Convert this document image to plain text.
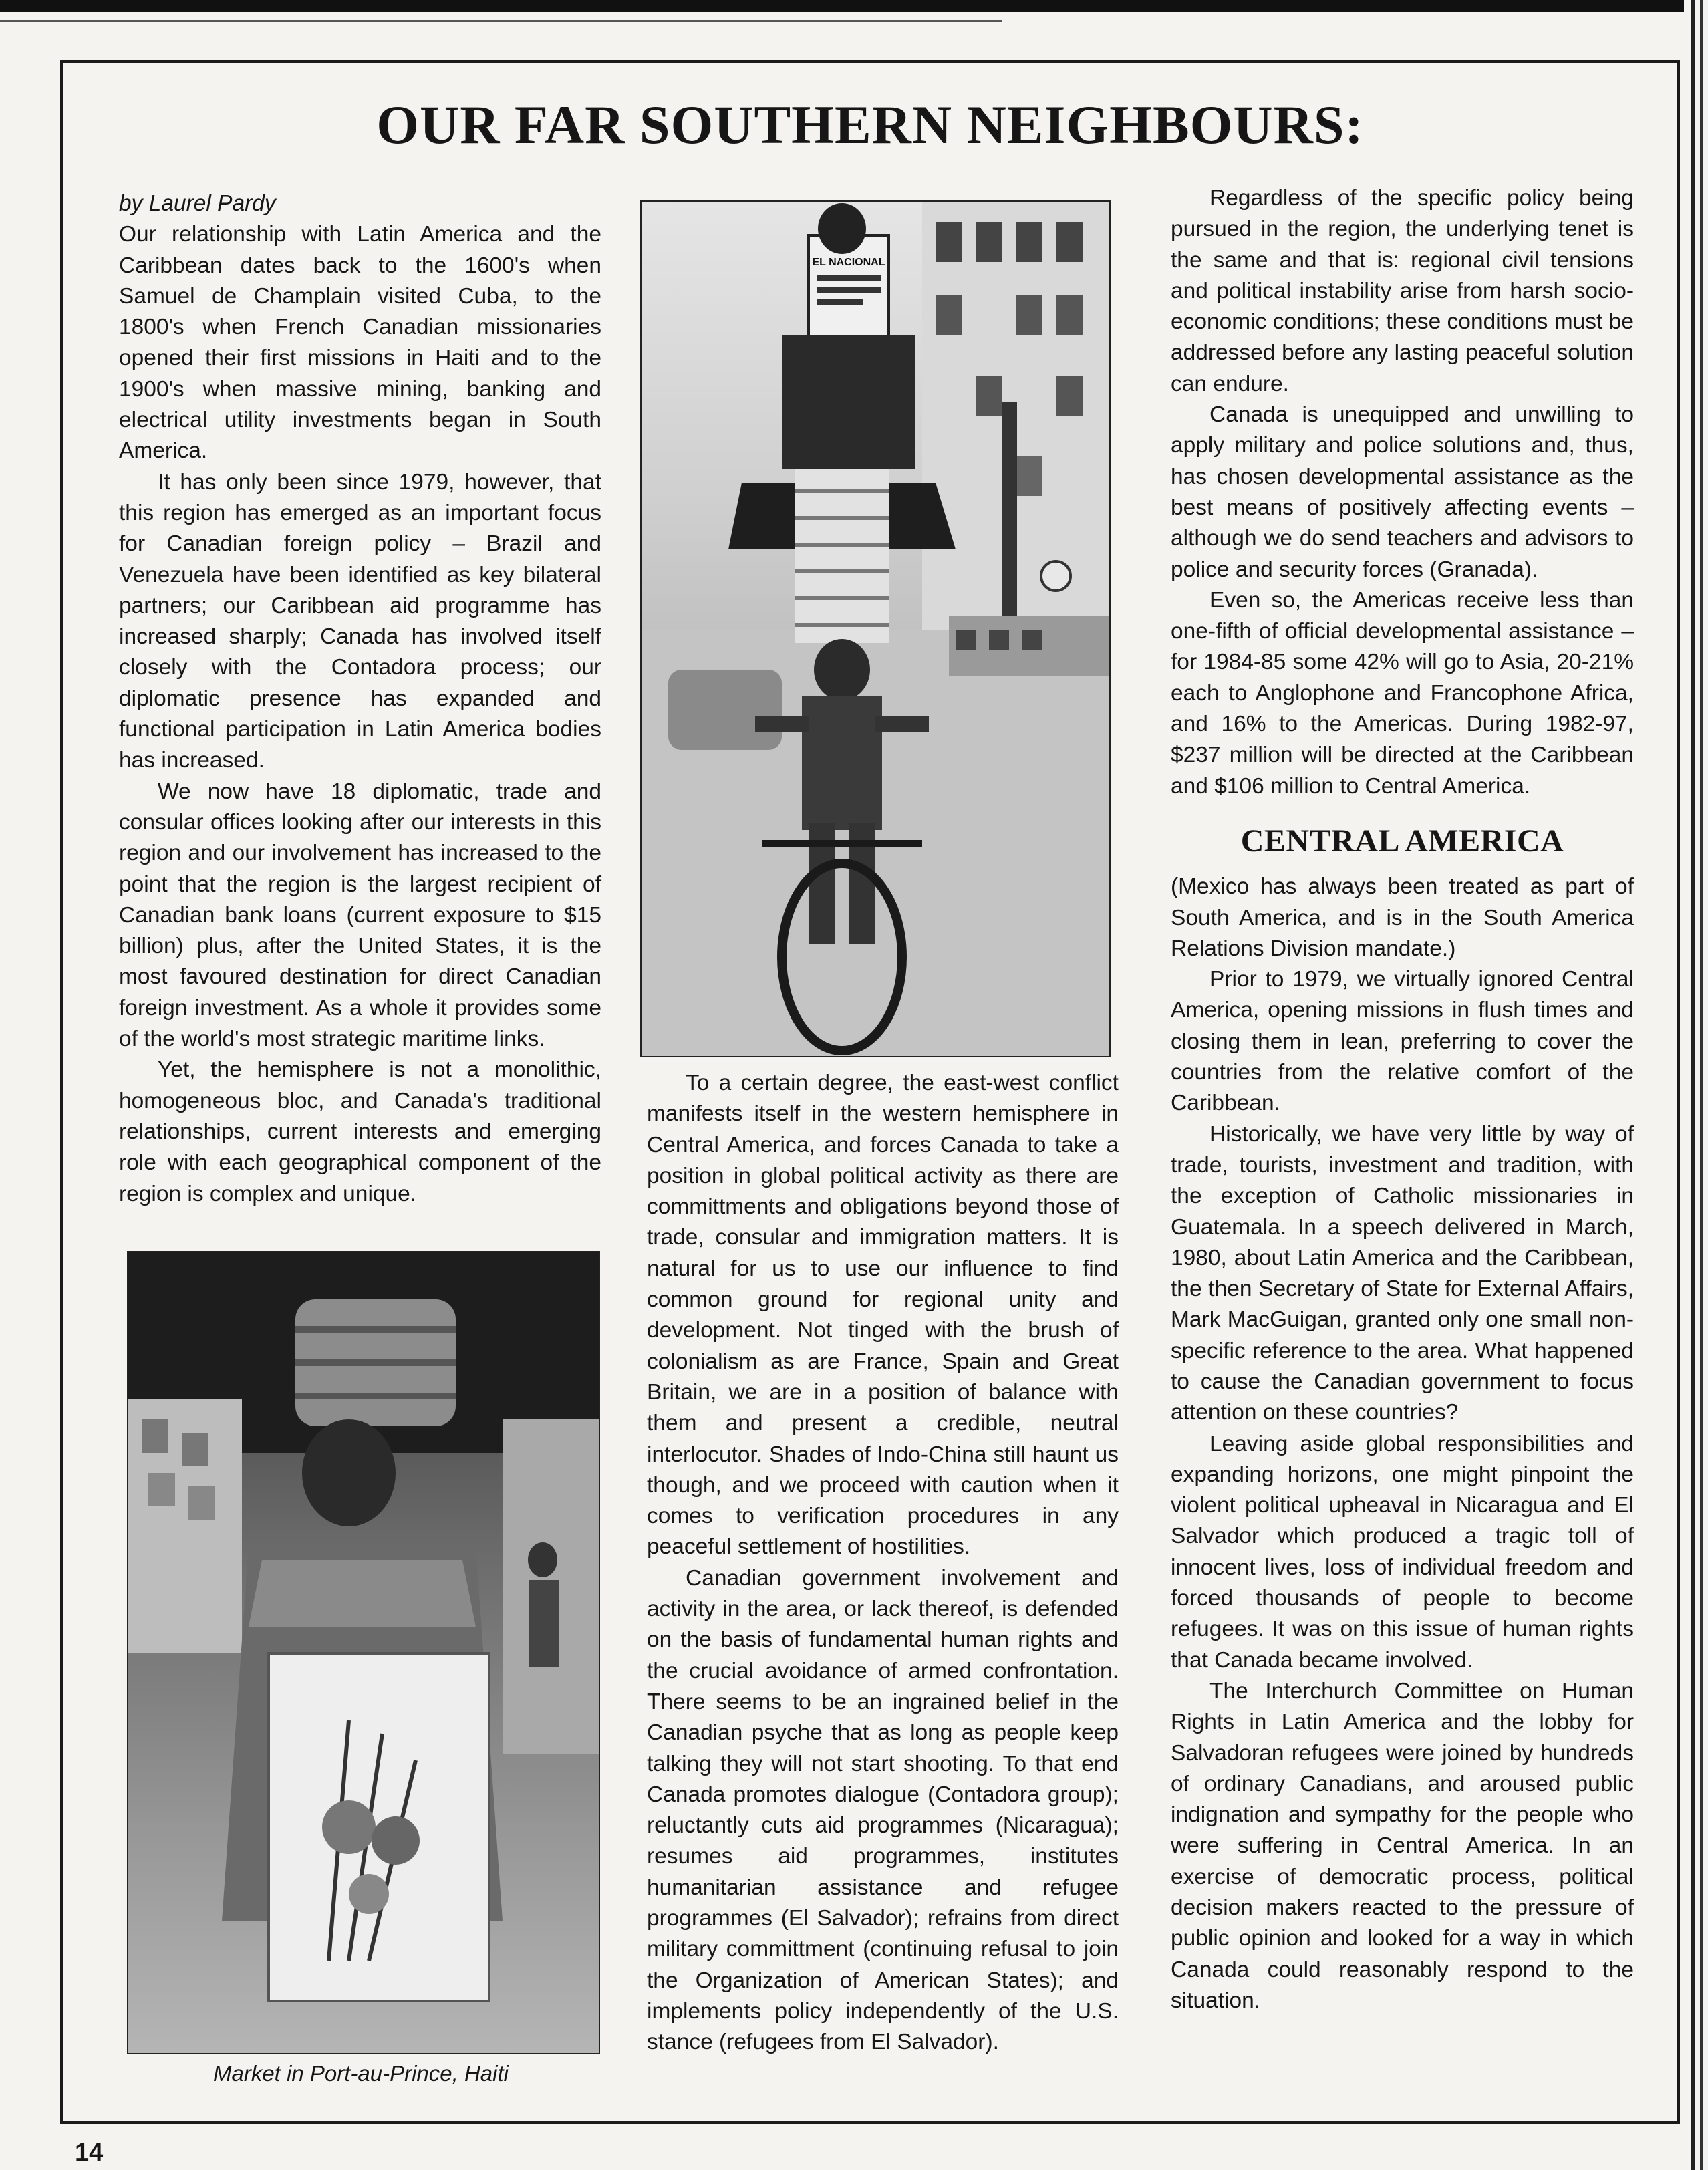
OUR FAR SOUTHERN NEIGHBOURS:
by Laurel Pardy

Our relationship with Latin America and the Caribbean dates back to the 1600's when Samuel de Champlain visited Cuba, to the 1800's when French Canadian missionaries opened their first missions in Haiti and to the 1900's when massive mining, banking and electrical utility investments began in South America.

It has only been since 1979, however, that this region has emerged as an important focus for Canadian foreign policy – Brazil and Venezuela have been identified as key bilateral partners; our Caribbean aid programme has increased sharply; Canada has involved itself closely with the Contadora process; our diplomatic presence has expanded and functional participation in Latin America bodies has increased.

We now have 18 diplomatic, trade and consular offices looking after our interests in this region and our involvement has increased to the point that the region is the largest recipient of Canadian bank loans (current exposure to $15 billion) plus, after the United States, it is the most favoured destination for direct Canadian foreign investment. As a whole it provides some of the world's most strategic maritime links.

Yet, the hemisphere is not a monolithic, homogeneous bloc, and Canada's traditional relationships, current interests and emerging role with each geographical component of the region is complex and unique.

EL NACIONAL

To a certain degree, the east-west conflict manifests itself in the western hemisphere in Central America, and forces Canada to take a position in global political activity as there are committments and obligations beyond those of trade, consular and immigration matters. It is natural for us to use our influence to find common ground for regional unity and development. Not tinged with the brush of colonialism as are France, Spain and Great Britain, we are in a position of balance with them and present a credible, neutral interlocutor. Shades of Indo-China still haunt us though, and we proceed with caution when it comes to verification procedures in any peaceful settlement of hostilities.

Canadian government involvement and activity in the area, or lack thereof, is defended on the basis of fundamental human rights and the crucial avoidance of armed confrontation. There seems to be an ingrained belief in the Canadian psyche that as long as people keep talking they will not start shooting. To that end Canada promotes dialogue (Contadora group); reluctantly cuts aid programmes (Nicaragua); resumes aid programmes, institutes humanitarian assistance and refugee programmes (El Salvador); refrains from direct military committment (continuing refusal to join the Organization of American States); and implements policy independently of the U.S. stance (refugees from El Salvador).

Regardless of the specific policy being pursued in the region, the underlying tenet is the same and that is: regional civil tensions and political instability arise from harsh socio-economic conditions; these conditions must be addressed before any lasting peaceful solution can endure.

Canada is unequipped and unwilling to apply military and police solutions and, thus, has chosen developmental assistance as the best means of positively affecting events – although we do send teachers and advisors to police and security forces (Granada).

Even so, the Americas receive less than one-fifth of official developmental assistance – for 1984-85 some 42% will go to Asia, 20-21% each to Anglophone and Francophone Africa, and 16% to the Americas. During 1982-97, $237 million will be directed at the Caribbean and $106 million to Central America.

CENTRAL AMERICA

(Mexico has always been treated as part of South America, and is in the South America Relations Division mandate.)

Prior to 1979, we virtually ignored Central America, opening missions in flush times and closing them in lean, preferring to cover the countries from the relative comfort of the Caribbean.

Historically, we have very little by way of trade, tourists, investment and tradition, with the exception of Catholic missionaries in Guatemala. In a speech delivered in March, 1980, about Latin America and the Caribbean, the then Secretary of State for External Affairs, Mark MacGuigan, granted only one small non-specific reference to the area. What happened to cause the Canadian government to focus attention on these countries?

Leaving aside global responsibilities and expanding horizons, one might pinpoint the violent political upheaval in Nicaragua and El Salvador which produced a tragic toll of innocent lives, loss of individual freedom and forced thousands of people to become refugees. It was on this issue of human rights that Canada became involved.

The Interchurch Committee on Human Rights in Latin America and the lobby for Salvadoran refugees were joined by hundreds of ordinary Canadians, and aroused public indignation and sympathy for the people who were suffering in Central America. In an exercise of democratic process, political decision makers reacted to the pressure of public opinion and looked for a way in which Canada could reasonably respond to the situation.

Market in Port-au-Prince, Haiti
14
